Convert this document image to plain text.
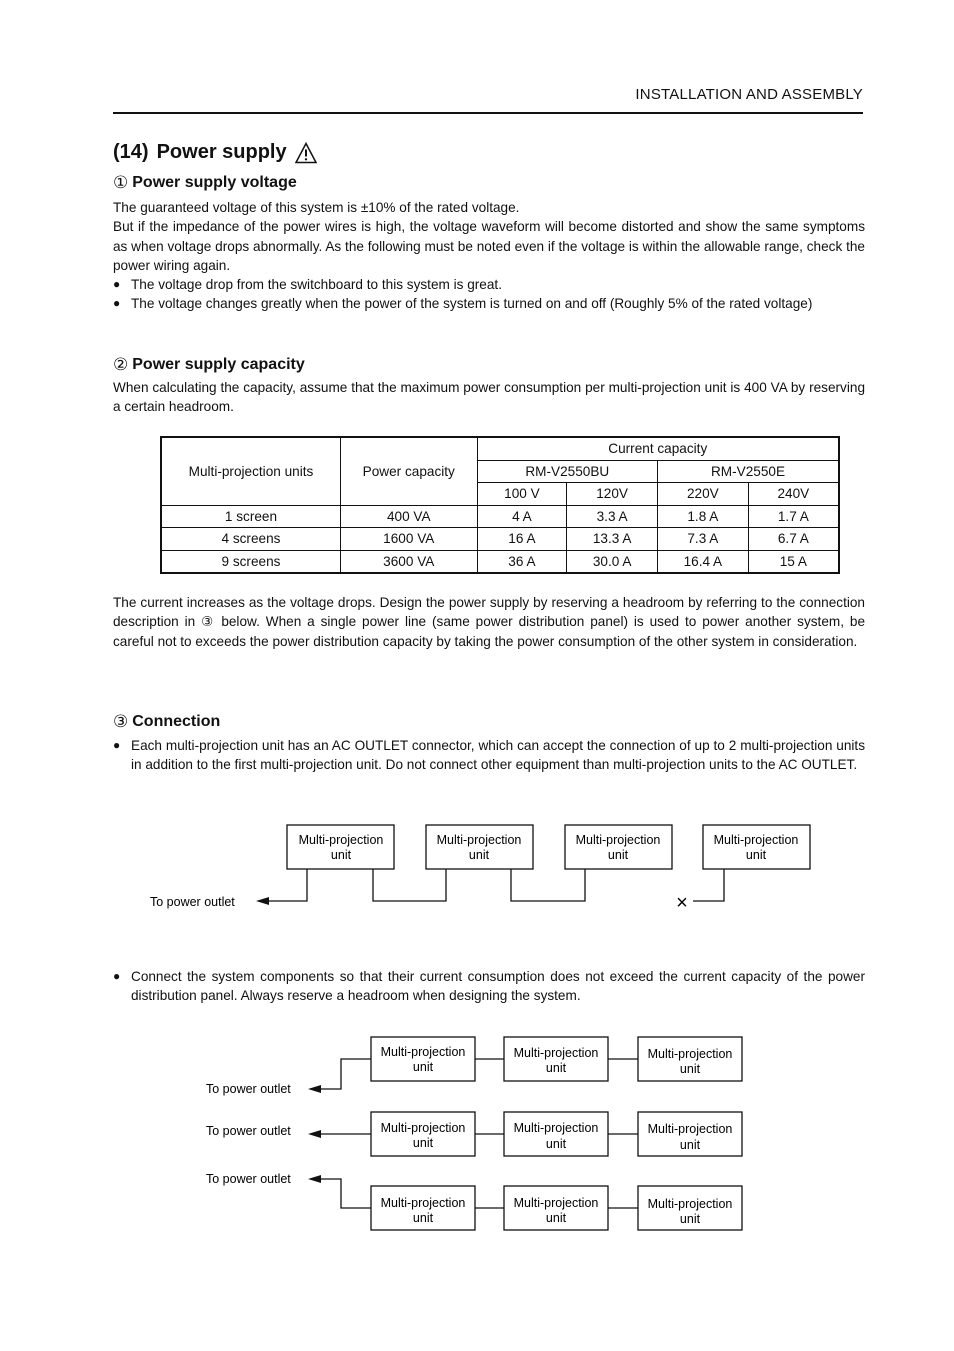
INSTALLATION AND ASSEMBLY
(14) Power supply
① Power supply voltage
The guaranteed voltage of this system is ±10% of the rated voltage.
But if the impedance of the power wires is high, the voltage waveform will become distorted and show the same symptoms as when voltage drops abnormally. As the following must be noted even if the voltage is within the allowable range, check the power wiring again.
● The voltage drop from the switchboard to this system is great.
● The voltage changes greatly when the power of the system is turned on and off (Roughly 5% of the rated voltage)
② Power supply capacity
When calculating the capacity, assume that the maximum power consumption per multi-projection unit is 400 VA by reserving a certain headroom.
Multi-projection units	Power capacity	Current capacity			
		RM-V2550BU		RM-V2550E	
		100 V	120V	220V	240V
1 screen	400 VA	4 A	3.3 A	1.8 A	1.7 A
4 screens	1600 VA	16 A	13.3 A	7.3 A	6.7 A
9 screens	3600 VA	36 A	30.0 A	16.4 A	15 A
The current increases as the voltage drops. Design the power supply by reserving a headroom by referring to the connection description in ③ below. When a single power line (same power distribution panel) is used to power another system, be careful not to exceeds the power distribution capacity by taking the power consumption of the other system in consideration.
③ Connection
● Each multi-projection unit has an AC OUTLET connector, which can accept the connection of up to 2 multi-projection units in addition to the first multi-projection unit. Do not connect other equipment than multi-projection units to the AC OUTLET.
To power outlet	×
Multi-projection
unit
Multi-projection
unit
Multi-projection
unit
Multi-projection
unit
To power outlet
To power outlet
To power outlet
Multi-projection
unit
Multi-projection
unit
Multi-projection
unit
Multi-projection
unit
Multi-projection
unit
Multi-projection
unit
Multi-projection
unit
Multi-projection
unit
Multi-projection
unit
● Connect the system components so that their current consumption does not exceed the current capacity of the power distribution panel. Always reserve a headroom when designing the system.
